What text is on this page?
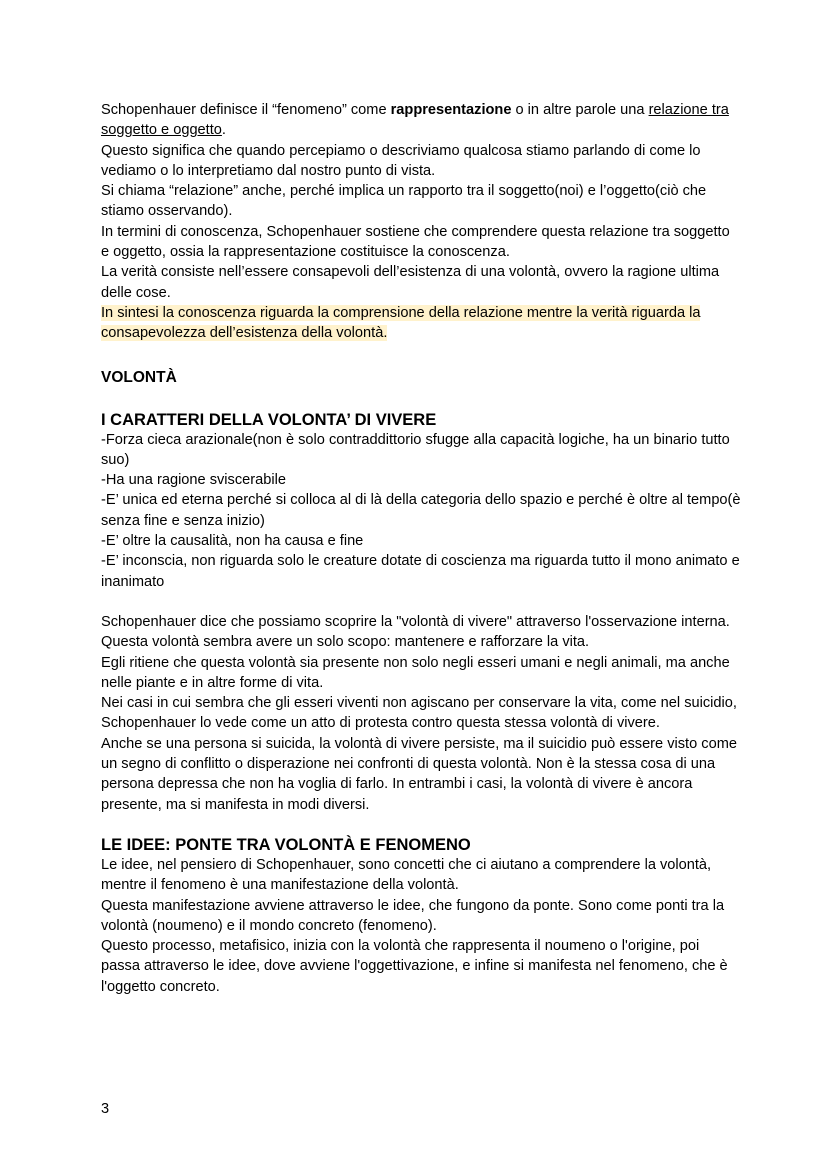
Schopenhauer definisce il “fenomeno” come rappresentazione o in altre parole una relazione tra soggetto e oggetto.

Questo significa che quando percepiamo o descriviamo qualcosa stiamo parlando di come lo vediamo o lo interpretiamo dal nostro punto di vista.

Si chiama “relazione” anche, perché implica un rapporto tra il soggetto(noi) e l’oggetto(ciò che stiamo osservando).

In termini di conoscenza, Schopenhauer sostiene che comprendere questa relazione tra soggetto e oggetto, ossia la rappresentazione costituisce la conoscenza.

La verità consiste nell’essere consapevoli dell’esistenza di una volontà, ovvero la ragione ultima delle cose.

In sintesi la conoscenza riguarda la comprensione della relazione mentre la verità riguarda la consapevolezza dell’esistenza della volontà.

VOLONTÀ
I CARATTERI DELLA VOLONTA’ DI VIVERE

-Forza cieca arazionale(non è solo contraddittorio sfugge alla capacità logiche, ha un binario tutto suo)

-Ha una ragione sviscerabile

-E’ unica ed eterna perché si colloca al di là della categoria dello spazio e perché è oltre al tempo(è senza fine e senza inizio)

-E’ oltre la causalità, non ha causa e fine

-E’ inconscia, non riguarda solo le creature dotate di coscienza ma riguarda tutto il mono animato e inanimato

Schopenhauer dice che possiamo scoprire la "volontà di vivere" attraverso l'osservazione interna.

Questa volontà sembra avere un solo scopo: mantenere e rafforzare la vita.

Egli ritiene che questa volontà sia presente non solo negli esseri umani e negli animali, ma anche nelle piante e in altre forme di vita.

Nei casi in cui sembra che gli esseri viventi non agiscano per conservare la vita, come nel suicidio, Schopenhauer lo vede come un atto di protesta contro questa stessa volontà di vivere.

Anche se una persona si suicida, la volontà di vivere persiste, ma il suicidio può essere visto come un segno di conflitto o disperazione nei confronti di questa volontà. Non è la stessa cosa di una persona depressa che non ha voglia di farlo. In entrambi i casi, la volontà di vivere è ancora presente, ma si manifesta in modi diversi.

LE IDEE: PONTE TRA VOLONTÀ E FENOMENO

Le idee, nel pensiero di Schopenhauer, sono concetti che ci aiutano a comprendere la volontà, mentre il fenomeno è una manifestazione della volontà.

Questa manifestazione avviene attraverso le idee, che fungono da ponte. Sono come ponti tra la volontà (noumeno) e il mondo concreto (fenomeno).

Questo processo, metafisico, inizia con la volontà che rappresenta il noumeno o l'origine, poi passa attraverso le idee, dove avviene l'oggettivazione, e infine si manifesta nel fenomeno, che è l'oggetto concreto.

3
